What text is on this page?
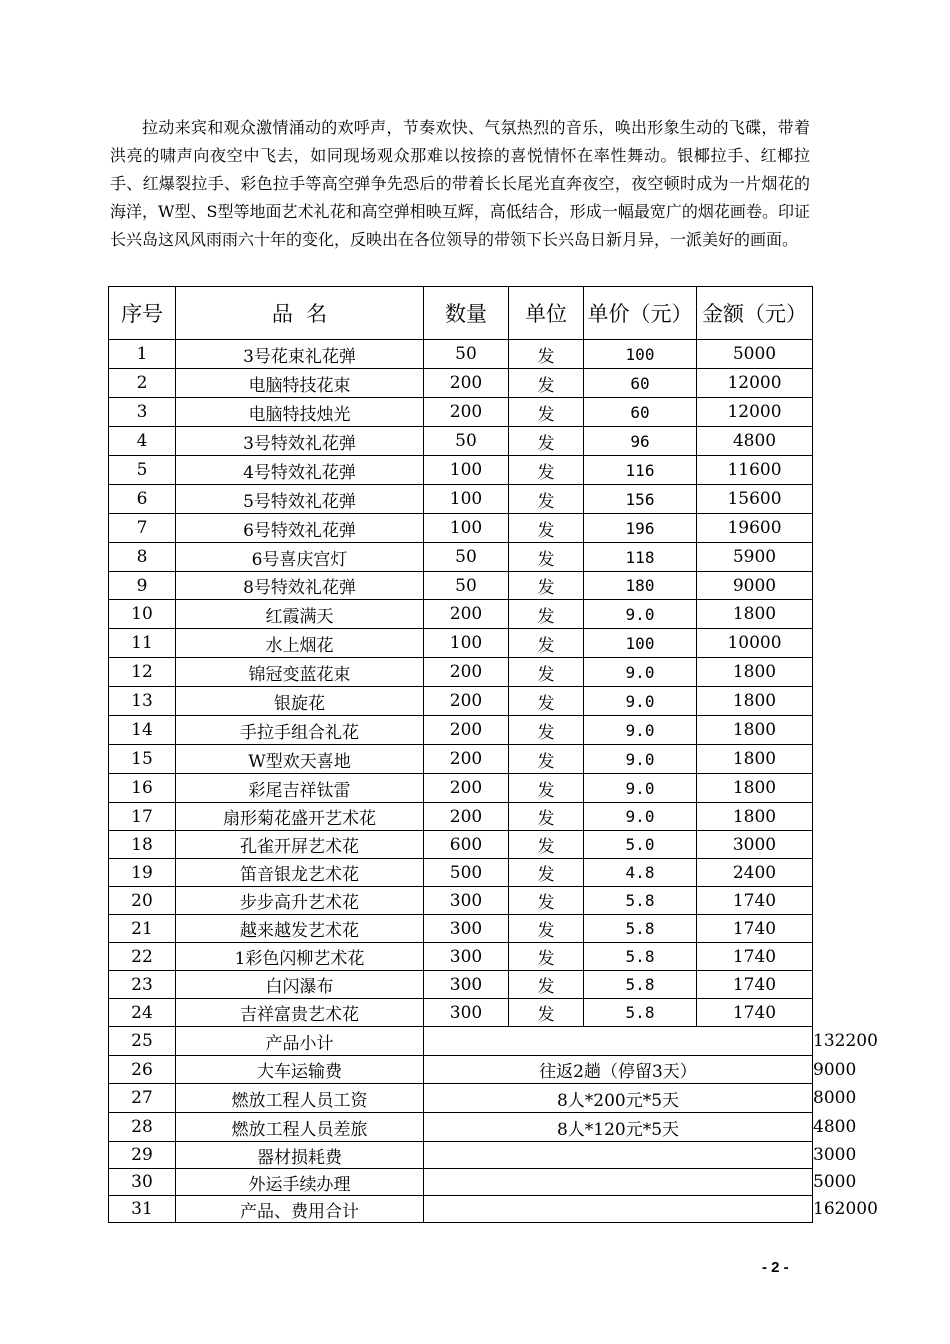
拉动来宾和观众激情涌动的欢呼声，节奏欢快、气氛热烈的音乐，唤出形象生动的飞碟，带着洪亮的啸声向夜空中飞去，如同现场观众那难以按捺的喜悦情怀在率性舞动。银椰拉手、红椰拉手、红爆裂拉手、彩色拉手等高空弹争先恐后的带着长长尾光直奔夜空，夜空顿时成为一片烟花的海洋，W型、S型等地面艺术礼花和高空弹相映互辉，高低结合，形成一幅最宽广的烟花画卷。印证长兴岛这风风雨雨六十年的变化，反映出在各位领导的带领下长兴岛日新月异，一派美好的画面。

序号	品  名	数量	单位	单价（元）	金额（元）	
1	3号花束礼花弹	50	发	100	5000	
2	电脑特技花束	200	发	60	12000	
3	电脑特技烛光	200	发	60	12000	
4	3号特效礼花弹	50	发	96	4800	
5	4号特效礼花弹	100	发	116	11600	
6	5号特效礼花弹	100	发	156	15600	
7	6号特效礼花弹	100	发	196	19600	
8	6号喜庆宫灯	50	发	118	5900	
9	8号特效礼花弹	50	发	180	9000	
10	红霞满天	200	发	9.0	1800	
11	水上烟花	100	发	100	10000	
12	锦冠变蓝花束	200	发	9.0	1800	
13	银旋花	200	发	9.0	1800	
14	手拉手组合礼花	200	发	9.0	1800	
15	W型欢天喜地	200	发	9.0	1800	
16	彩尾吉祥钛雷	200	发	9.0	1800	
17	扇形菊花盛开艺术花	200	发	9.0	1800	
18	孔雀开屏艺术花	600	发	5.0	3000	
19	笛音银龙艺术花	500	发	4.8	2400	
20	步步高升艺术花	300	发	5.8	1740	
21	越来越发艺术花	300	发	5.8	1740	
22	1彩色闪柳艺术花	300	发	5.8	1740	
23	白闪瀑布	300	发	5.8	1740	
24	吉祥富贵艺术花	300	发	5.8	1740	
25	产品小计					132200
26	大车运输费	往返2趟（停留3天）				9000
27	燃放工程人员工资	8人*200元*5天				8000
28	燃放工程人员差旅	8人*120元*5天				4800
29	器材损耗费					3000
30	外运手续办理					5000
31	产品、费用合计					162000
- 2 -
